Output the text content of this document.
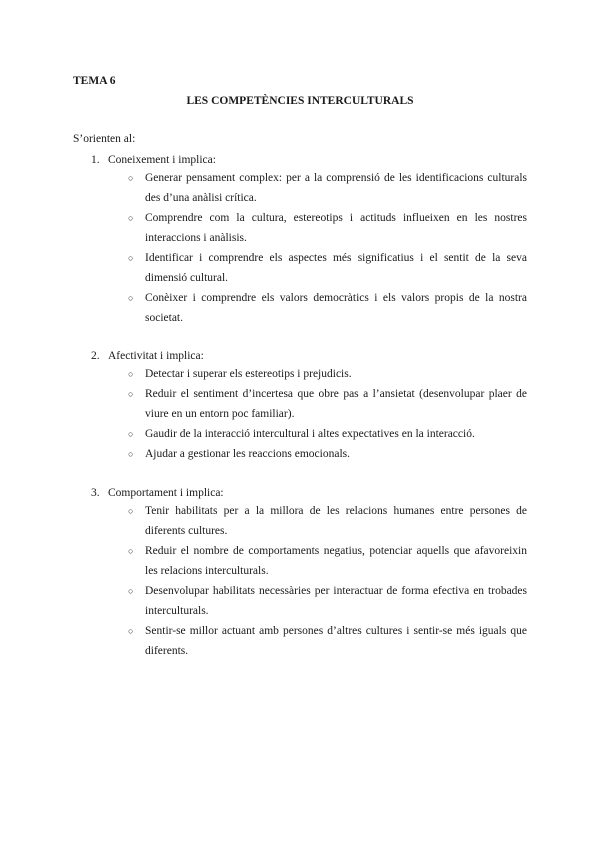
TEMA 6
LES COMPETÈNCIES INTERCULTURALS
S’orienten al:
1. Coneixement i implica:
○ Generar pensament complex: per a la comprensió de les identificacions culturals des d’una anàlisi crítica.
○ Comprendre com la cultura, estereotips i actituds influeixen en les nostres interaccions i anàlisis.
○ Identificar i comprendre els aspectes més significatius i el sentit de la seva dimensió cultural.
○ Conèixer i comprendre els valors democràtics i els valors propis de la nostra societat.
2. Afectivitat i implica:
○ Detectar i superar els estereotips i prejudicis.
○ Reduir el sentiment d’incertesa que obre pas a l’ansietat (desenvolupar plaer de viure en un entorn poc familiar).
○ Gaudir de la interacció intercultural i altes expectatives en la interacció.
○ Ajudar a gestionar les reaccions emocionals.
3. Comportament i implica:
○ Tenir habilitats per a la millora de les relacions humanes entre persones de diferents cultures.
○ Reduir el nombre de comportaments negatius, potenciar aquells que afavoreixin les relacions interculturals.
○ Desenvolupar habilitats necessàries per interactuar de forma efectiva en trobades interculturals.
○ Sentir-se millor actuant amb persones d’altres cultures i sentir-se més iguals que diferents.
